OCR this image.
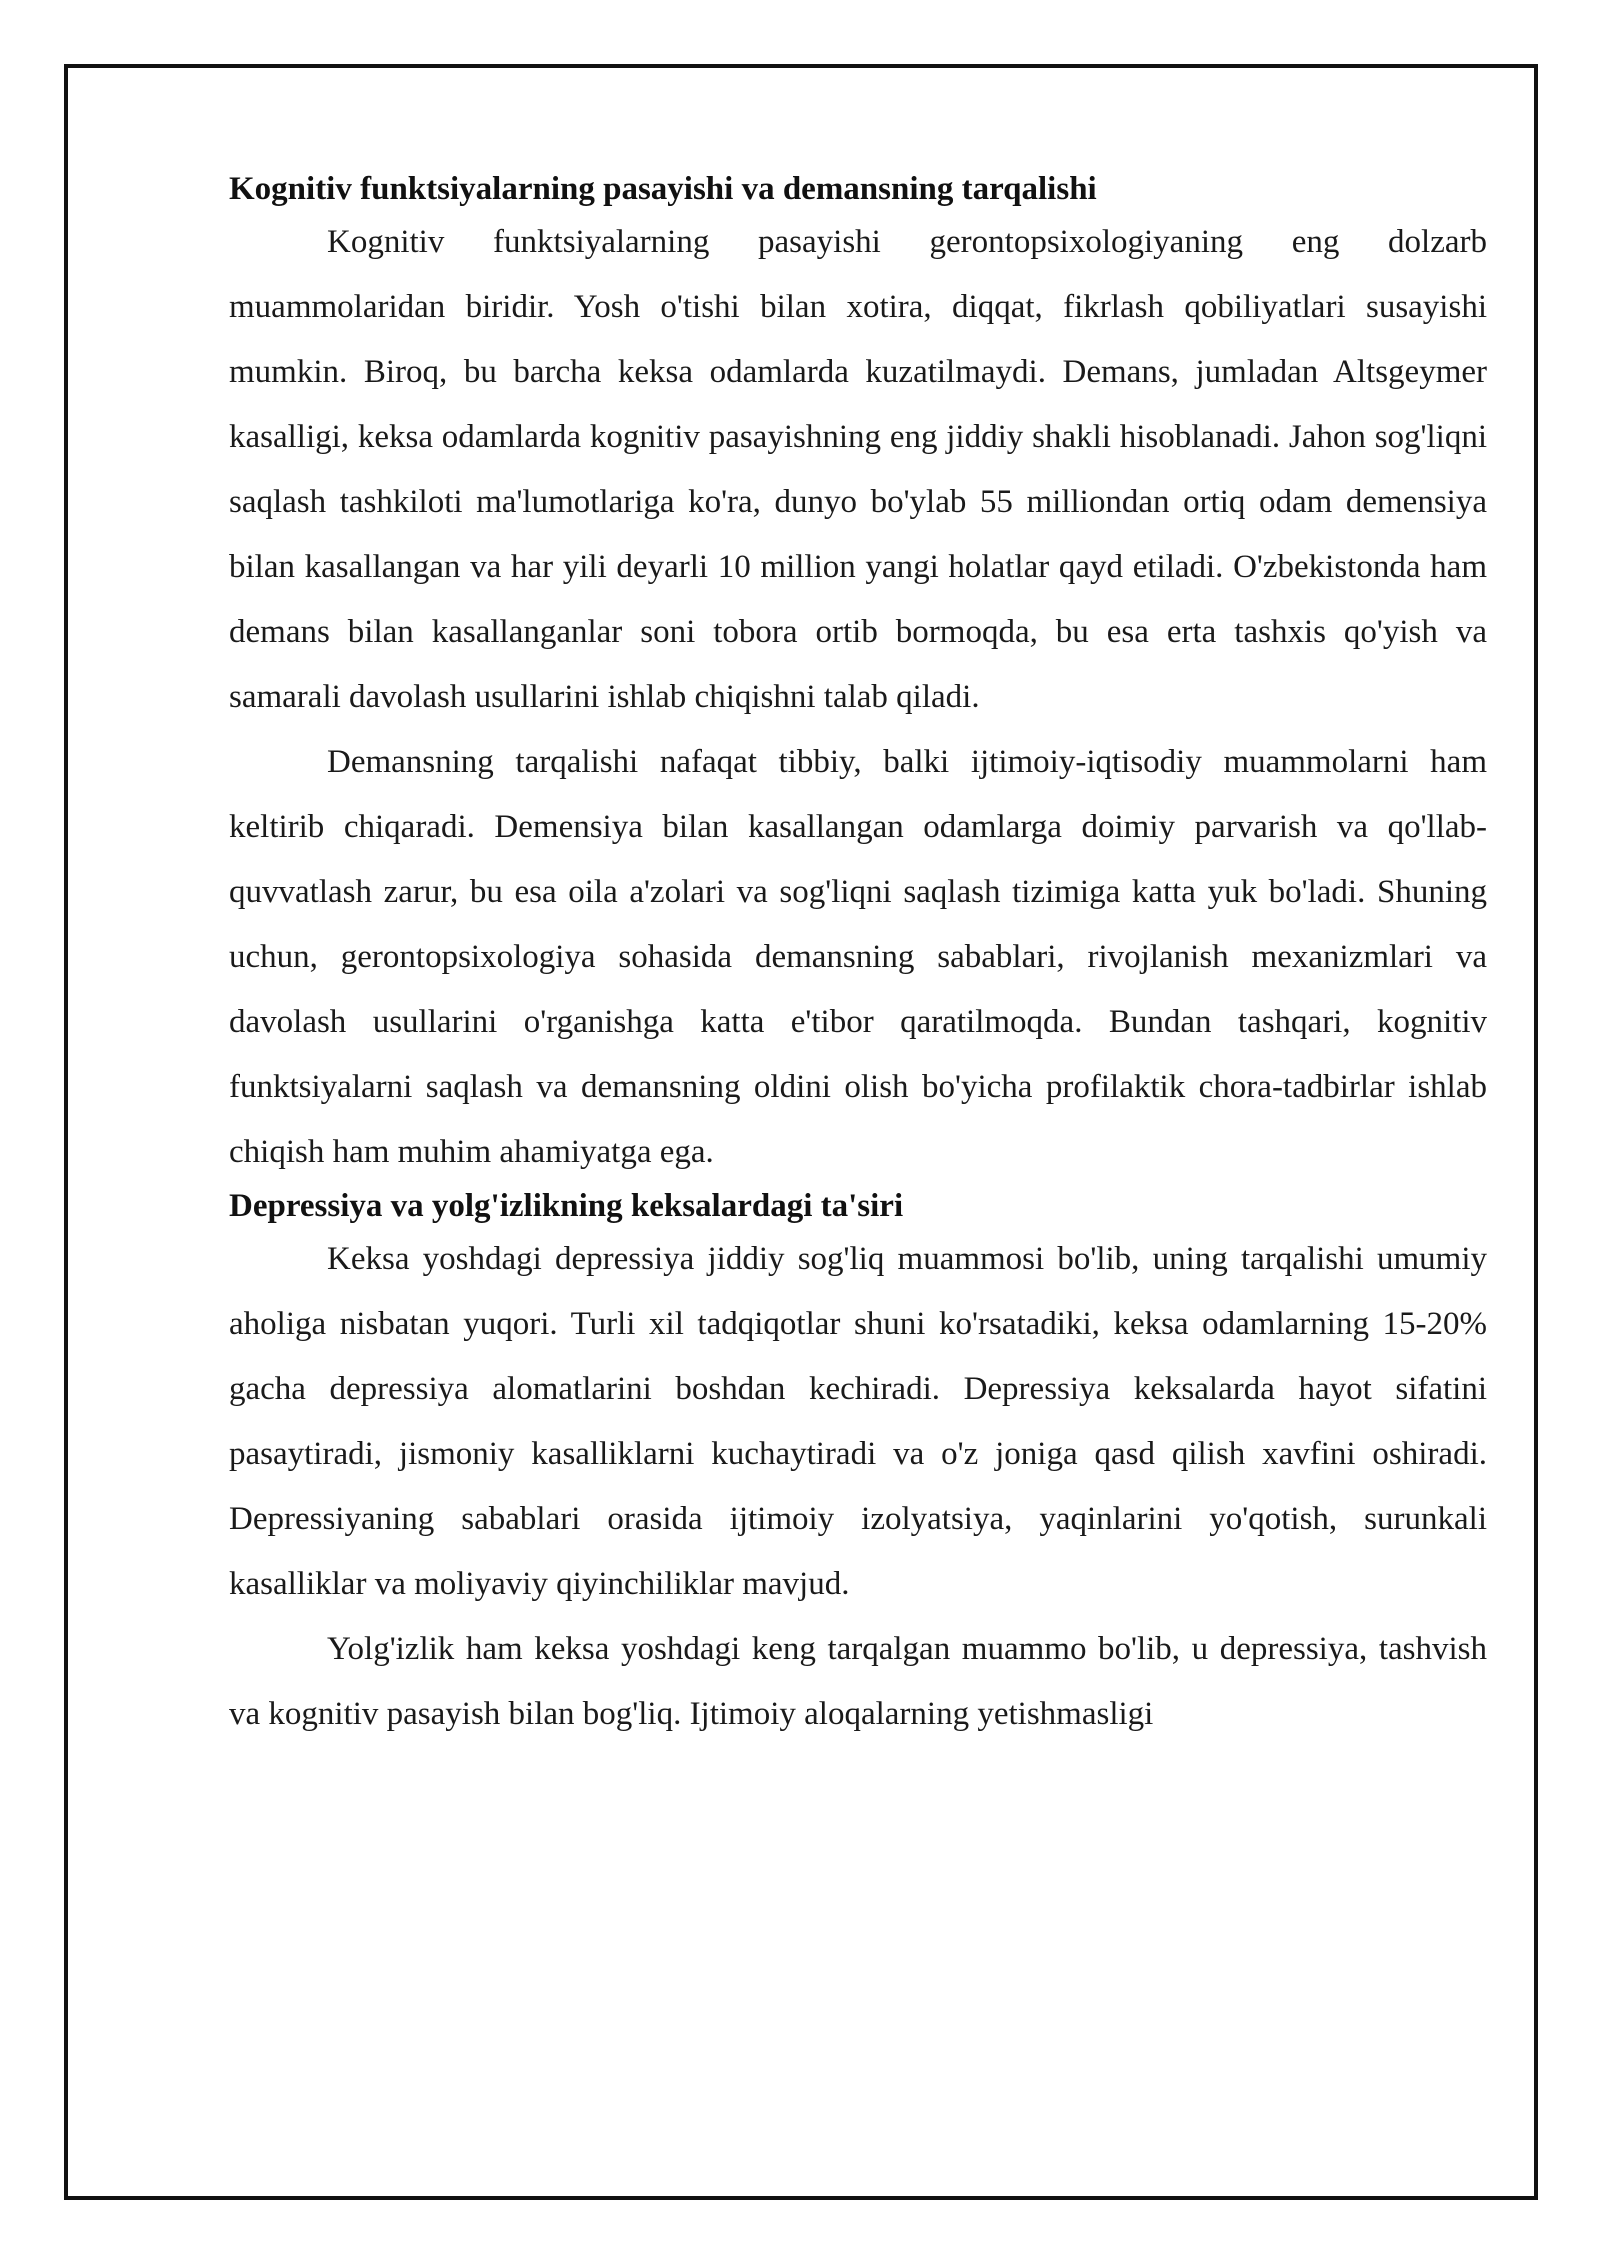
Kognitiv funktsiyalarning pasayishi va demansning tarqalishi

Kognitiv funktsiyalarning pasayishi gerontopsixologiyaning eng dolzarb muammolaridan biridir. Yosh o'tishi bilan xotira, diqqat, fikrlash qobiliyatlari susayishi mumkin. Biroq, bu barcha keksa odamlarda kuzatilmaydi. Demans, jumladan Altsgeymer kasalligi, keksa odamlarda kognitiv pasayishning eng jiddiy shakli hisoblanadi. Jahon sog'liqni saqlash tashkiloti ma'lumotlariga ko'ra, dunyo bo'ylab 55 milliondan ortiq odam demensiya bilan kasallangan va har yili deyarli 10 million yangi holatlar qayd etiladi. O'zbekistonda ham demans bilan kasallanganlar soni tobora ortib bormoqda, bu esa erta tashxis qo'yish va samarali davolash usullarini ishlab chiqishni talab qiladi.

Demansning tarqalishi nafaqat tibbiy, balki ijtimoiy-iqtisodiy muammolarni ham keltirib chiqaradi. Demensiya bilan kasallangan odamlarga doimiy parvarish va qo'llab-quvvatlash zarur, bu esa oila a'zolari va sog'liqni saqlash tizimiga katta yuk bo'ladi. Shuning uchun, gerontopsixologiya sohasida demansning sabablari, rivojlanish mexanizmlari va davolash usullarini o'rganishga katta e'tibor qaratilmoqda. Bundan tashqari, kognitiv funktsiyalarni saqlash va demansning oldini olish bo'yicha profilaktik chora-tadbirlar ishlab chiqish ham muhim ahamiyatga ega.

Depressiya va yolg'izlikning keksalardagi ta'siri

Keksa yoshdagi depressiya jiddiy sog'liq muammosi bo'lib, uning tarqalishi umumiy aholiga nisbatan yuqori. Turli xil tadqiqotlar shuni ko'rsatadiki, keksa odamlarning 15-20% gacha depressiya alomatlarini boshdan kechiradi. Depressiya keksalarda hayot sifatini pasaytiradi, jismoniy kasalliklarni kuchaytiradi va o'z joniga qasd qilish xavfini oshiradi. Depressiyaning sabablari orasida ijtimoiy izolyatsiya, yaqinlarini yo'qotish, surunkali kasalliklar va moliyaviy qiyinchiliklar mavjud.

Yolg'izlik ham keksa yoshdagi keng tarqalgan muammo bo'lib, u depressiya, tashvish va kognitiv pasayish bilan bog'liq. Ijtimoiy aloqalarning yetishmasligi
